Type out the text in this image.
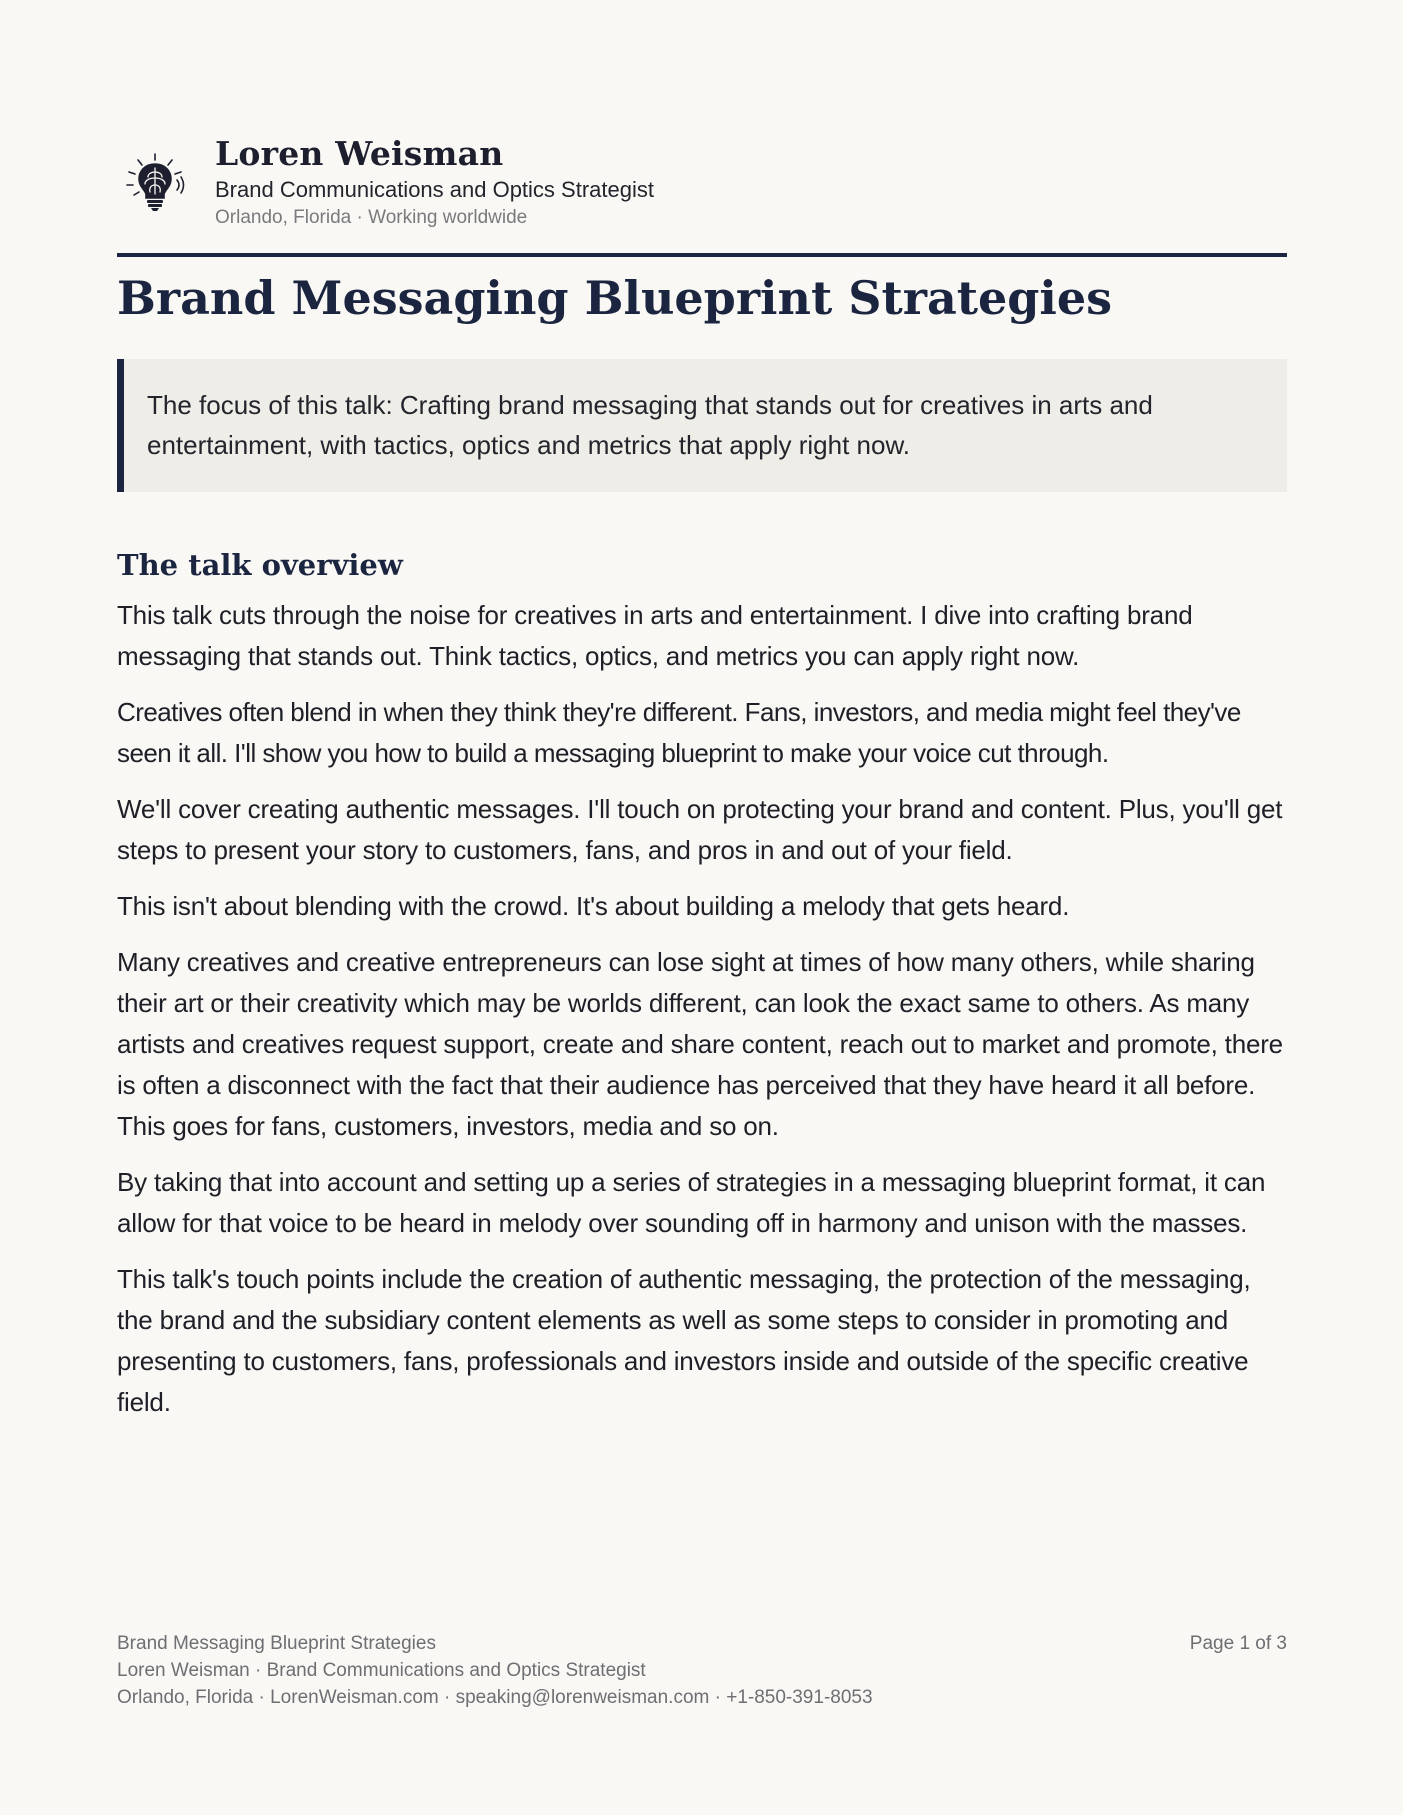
Loren Weisman
Brand Communications and Optics Strategist
Orlando, Florida · Working worldwide
Brand Messaging Blueprint Strategies
The focus of this talk: Crafting brand messaging that stands out for creatives in arts and entertainment, with tactics, optics and metrics that apply right now.
The talk overview

This talk cuts through the noise for creatives in arts and entertainment. I dive into crafting brand messaging that stands out. Think tactics, optics, and metrics you can apply right now.

Creatives often blend in when they think they're different. Fans, investors, and media might feel they've seen it all. I'll show you how to build a messaging blueprint to make your voice cut through.

We'll cover creating authentic messages. I'll touch on protecting your brand and content. Plus, you'll get steps to present your story to customers, fans, and pros in and out of your field.

This isn't about blending with the crowd. It's about building a melody that gets heard.

Many creatives and creative entrepreneurs can lose sight at times of how many others, while sharing their art or their creativity which may be worlds different, can look the exact same to others. As many artists and creatives request support, create and share content, reach out to market and promote, there is often a disconnect with the fact that their audience has perceived that they have heard it all before. This goes for fans, customers, investors, media and so on.

By taking that into account and setting up a series of strategies in a messaging blueprint format, it can allow for that voice to be heard in melody over sounding off in harmony and unison with the masses.

This talk's touch points include the creation of authentic messaging, the protection of the messaging, the brand and the subsidiary content elements as well as some steps to consider in promoting and presenting to customers, fans, professionals and investors inside and outside of the specific creative field.

Brand Messaging Blueprint Strategies
Loren Weisman · Brand Communications and Optics Strategist
Orlando, Florida · LorenWeisman.com · speaking@lorenweisman.com · +1-850-391-8053
Page 1 of 3
